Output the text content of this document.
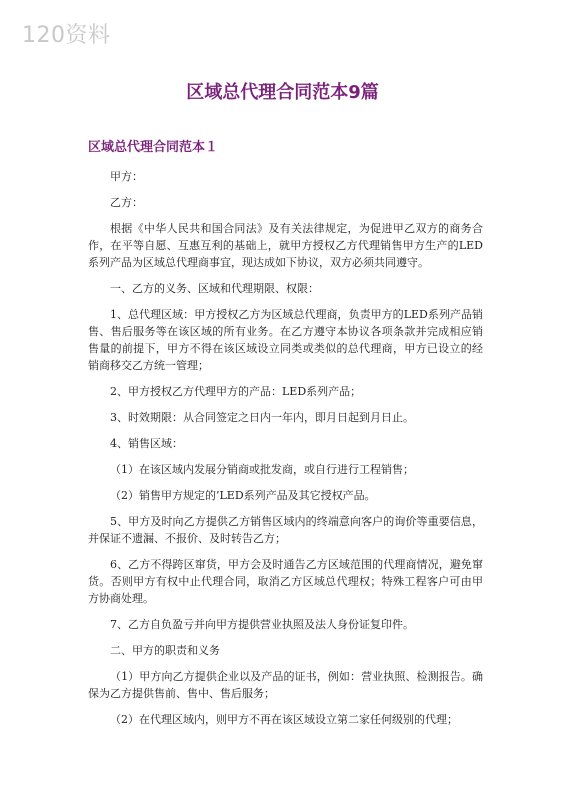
120资料
区域总代理合同范本9篇
区域总代理合同范本１

甲方：

乙方：

根据《中华人民共和国合同法》及有关法律规定，为促进甲乙双方的商务合作，在平等自愿、互惠互利的基础上，就甲方授权乙方代理销售甲方生产的LED系列产品为区域总代理商事宜，现达成如下协议，双方必须共同遵守。

一、乙方的义务、区域和代理期限、权限：

1、总代理区域：甲方授权乙方为区域总代理商，负责甲方的LED系列产品销售、售后服务等在该区域的所有业务。在乙方遵守本协议各项条款并完成相应销售量的前提下，甲方不得在该区域设立同类或类似的总代理商，甲方已设立的经销商移交乙方统一管理；

2、甲方授权乙方代理甲方的产品：LED系列产品；

3、时效期限：从合同签定之日内一年内，即月日起到月日止。

4、销售区域：

（1）在该区域内发展分销商或批发商，或自行进行工程销售；

（2）销售甲方规定的’LED系列产品及其它授权产品。

5、甲方及时向乙方提供乙方销售区域内的终端意向客户的询价等重要信息，并保证不遗漏、不报价、及时转告乙方；

6、乙方不得跨区窜货，甲方会及时通告乙方区域范围的代理商情况，避免窜货。否则甲方有权中止代理合同，取消乙方区域总代理权；特殊工程客户可由甲方协商处理。

7、乙方自负盈亏并向甲方提供营业执照及法人身份证复印件。

二、甲方的职责和义务

（1）甲方向乙方提供企业以及产品的证书，例如：营业执照、检测报告。确保为乙方提供售前、售中、售后服务；

（2）在代理区域内，则甲方不再在该区域设立第二家任何级别的代理；
